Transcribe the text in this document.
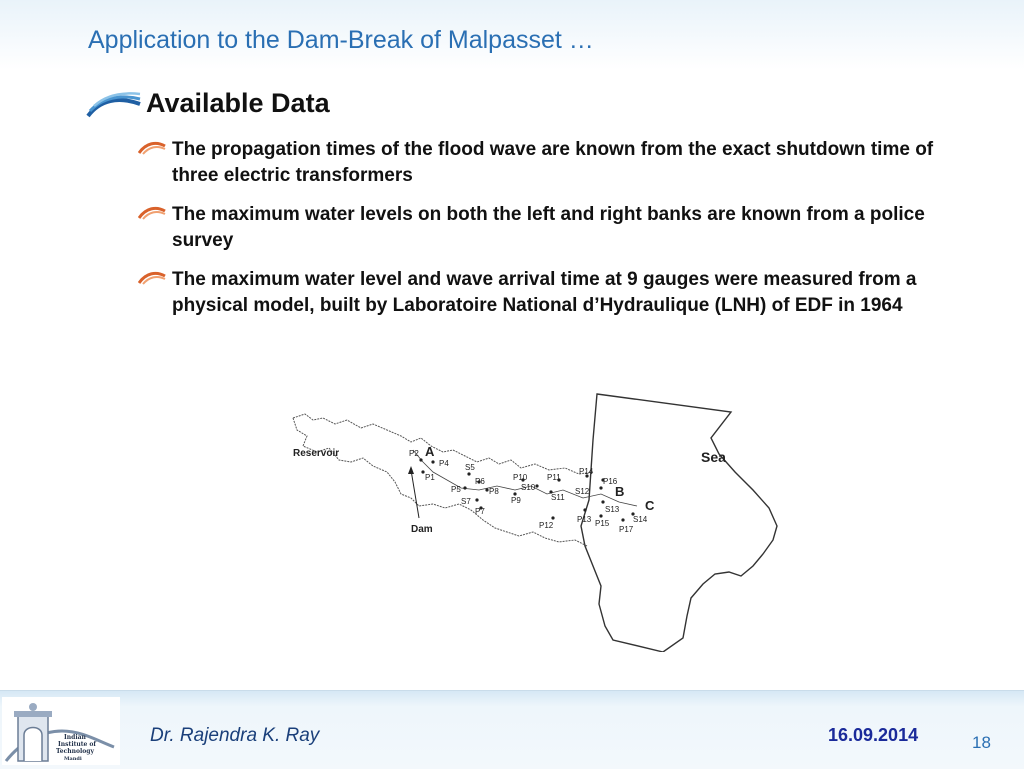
Application to the Dam-Break of Malpasset …
Available Data
The propagation times of the flood wave are known from the exact shutdown time of three electric transformers
The maximum water levels on both the left and right banks are known from a police survey
The maximum water level and wave arrival time at 9 gauges were measured from a physical model, built by Laboratoire National d’Hydraulique (LNH) of EDF in 1964
Reservoir
Dam
Sea
A
B
C
P1
P2
P4 S5
P5
P6
S7
P7
P8
P9
P10
S10
P11
S11
P12
S12
P13
S13
P14
S14
P15
P16
P17
Indian
Institute of
Technology
Mandi
Dr. Rajendra K. Ray	16.09.2014	18
